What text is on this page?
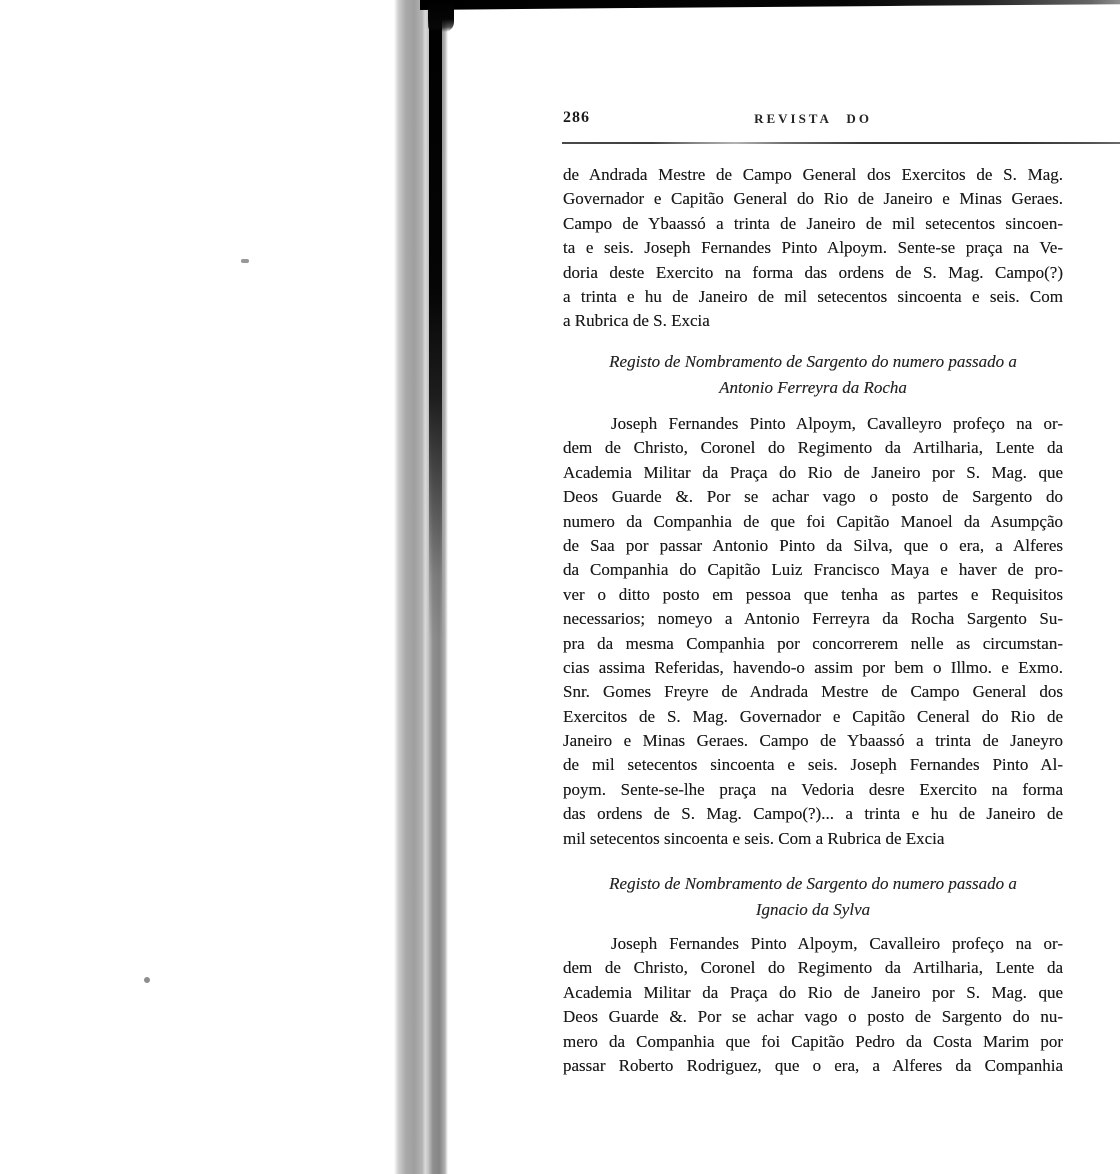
286	REVISTA DO
de Andrada Mestre de Campo General dos Exercitos de S. Mag.
Governador e Capitão General do Rio de Janeiro e Minas Geraes.
Campo de Ybaassó a trinta de Janeiro de mil setecentos sincoen-
ta e seis. Joseph Fernandes Pinto Alpoym. Sente-se praça na Ve-
doria deste Exercito na forma das ordens de S. Mag. Campo(?)
a trinta e hu de Janeiro de mil setecentos sincoenta e seis. Com
a Rubrica de S. Excia
Registo de Nombramento de Sargento do numero passado a
Antonio Ferreyra da Rocha
Joseph Fernandes Pinto Alpoym, Cavalleyro profeço na or-
dem de Christo, Coronel do Regimento da Artilharia, Lente da
Academia Militar da Praça do Rio de Janeiro por S. Mag. que
Deos Guarde &. Por se achar vago o posto de Sargento do
numero da Companhia de que foi Capitão Manoel da Asumpção
de Saa por passar Antonio Pinto da Silva, que o era, a Alferes
da Companhia do Capitão Luiz Francisco Maya e haver de pro-
ver o ditto posto em pessoa que tenha as partes e Requisitos
necessarios; nomeyo a Antonio Ferreyra da Rocha Sargento Su-
pra da mesma Companhia por concorrerem nelle as circumstan-
cias assima Referidas, havendo-o assim por bem o Illmo. e Exmo.
Snr. Gomes Freyre de Andrada Mestre de Campo General dos
Exercitos de S. Mag. Governador e Capitão Ceneral do Rio de
Janeiro e Minas Geraes. Campo de Ybaassó a trinta de Janeyro
de mil setecentos sincoenta e seis. Joseph Fernandes Pinto Al-
poym. Sente-se-lhe praça na Vedoria desre Exercito na forma
das ordens de S. Mag. Campo(?)... a trinta e hu de Janeiro de
mil setecentos sincoenta e seis. Com a Rubrica de Excia
Registo de Nombramento de Sargento do numero passado a
Ignacio da Sylva
Joseph Fernandes Pinto Alpoym, Cavalleiro profeço na or-
dem de Christo, Coronel do Regimento da Artilharia, Lente da
Academia Militar da Praça do Rio de Janeiro por S. Mag. que
Deos Guarde &. Por se achar vago o posto de Sargento do nu-
mero da Companhia que foi Capitão Pedro da Costa Marim por
passar Roberto Rodriguez, que o era, a Alferes da Companhia
